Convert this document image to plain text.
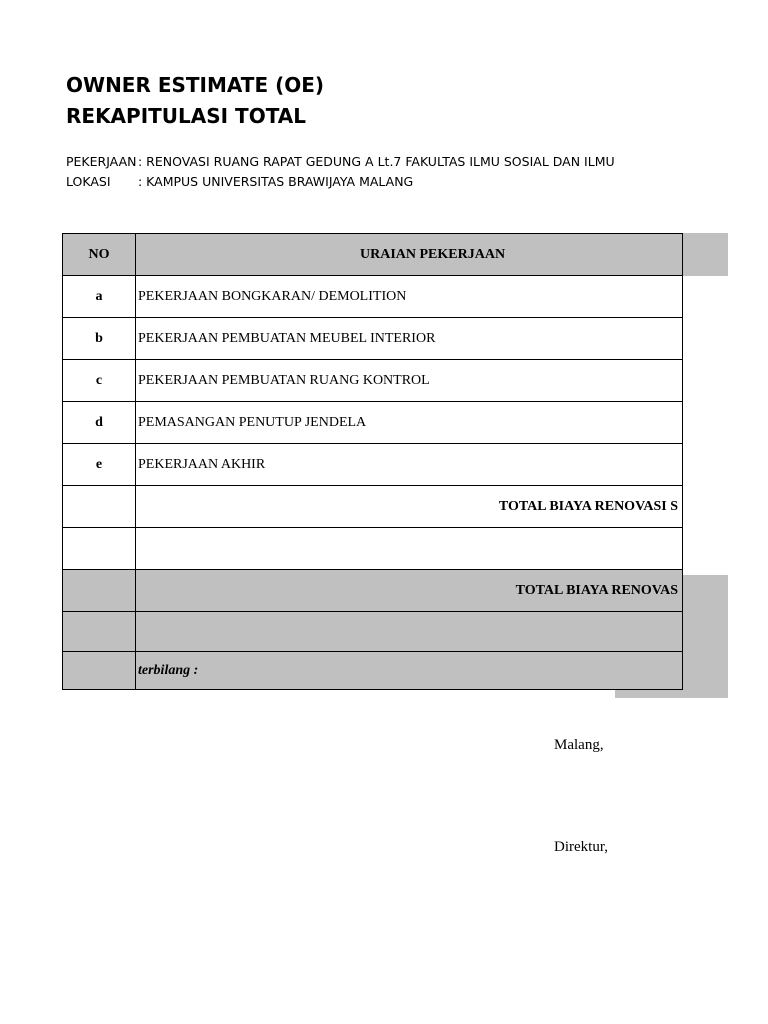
OWNER ESTIMATE (OE)
REKAPITULASI TOTAL
PEKERJAAN : RENOVASI RUANG RAPAT GEDUNG A Lt.7 FAKULTAS ILMU SOSIAL DAN ILMU
LOKASI : KAMPUS UNIVERSITAS BRAWIJAYA MALANG
NO	URAIAN PEKERJAAN
a	PEKERJAAN BONGKARAN/ DEMOLITION
b	PEKERJAAN PEMBUATAN MEUBEL INTERIOR
c	PEKERJAAN PEMBUATAN RUANG KONTROL
d	PEMASANGAN PENUTUP JENDELA
e	PEKERJAAN AKHIR
	TOTAL BIAYA RENOVASI S

	TOTAL BIAYA RENOVAS

	terbilang :
Malang,
Direktur,
